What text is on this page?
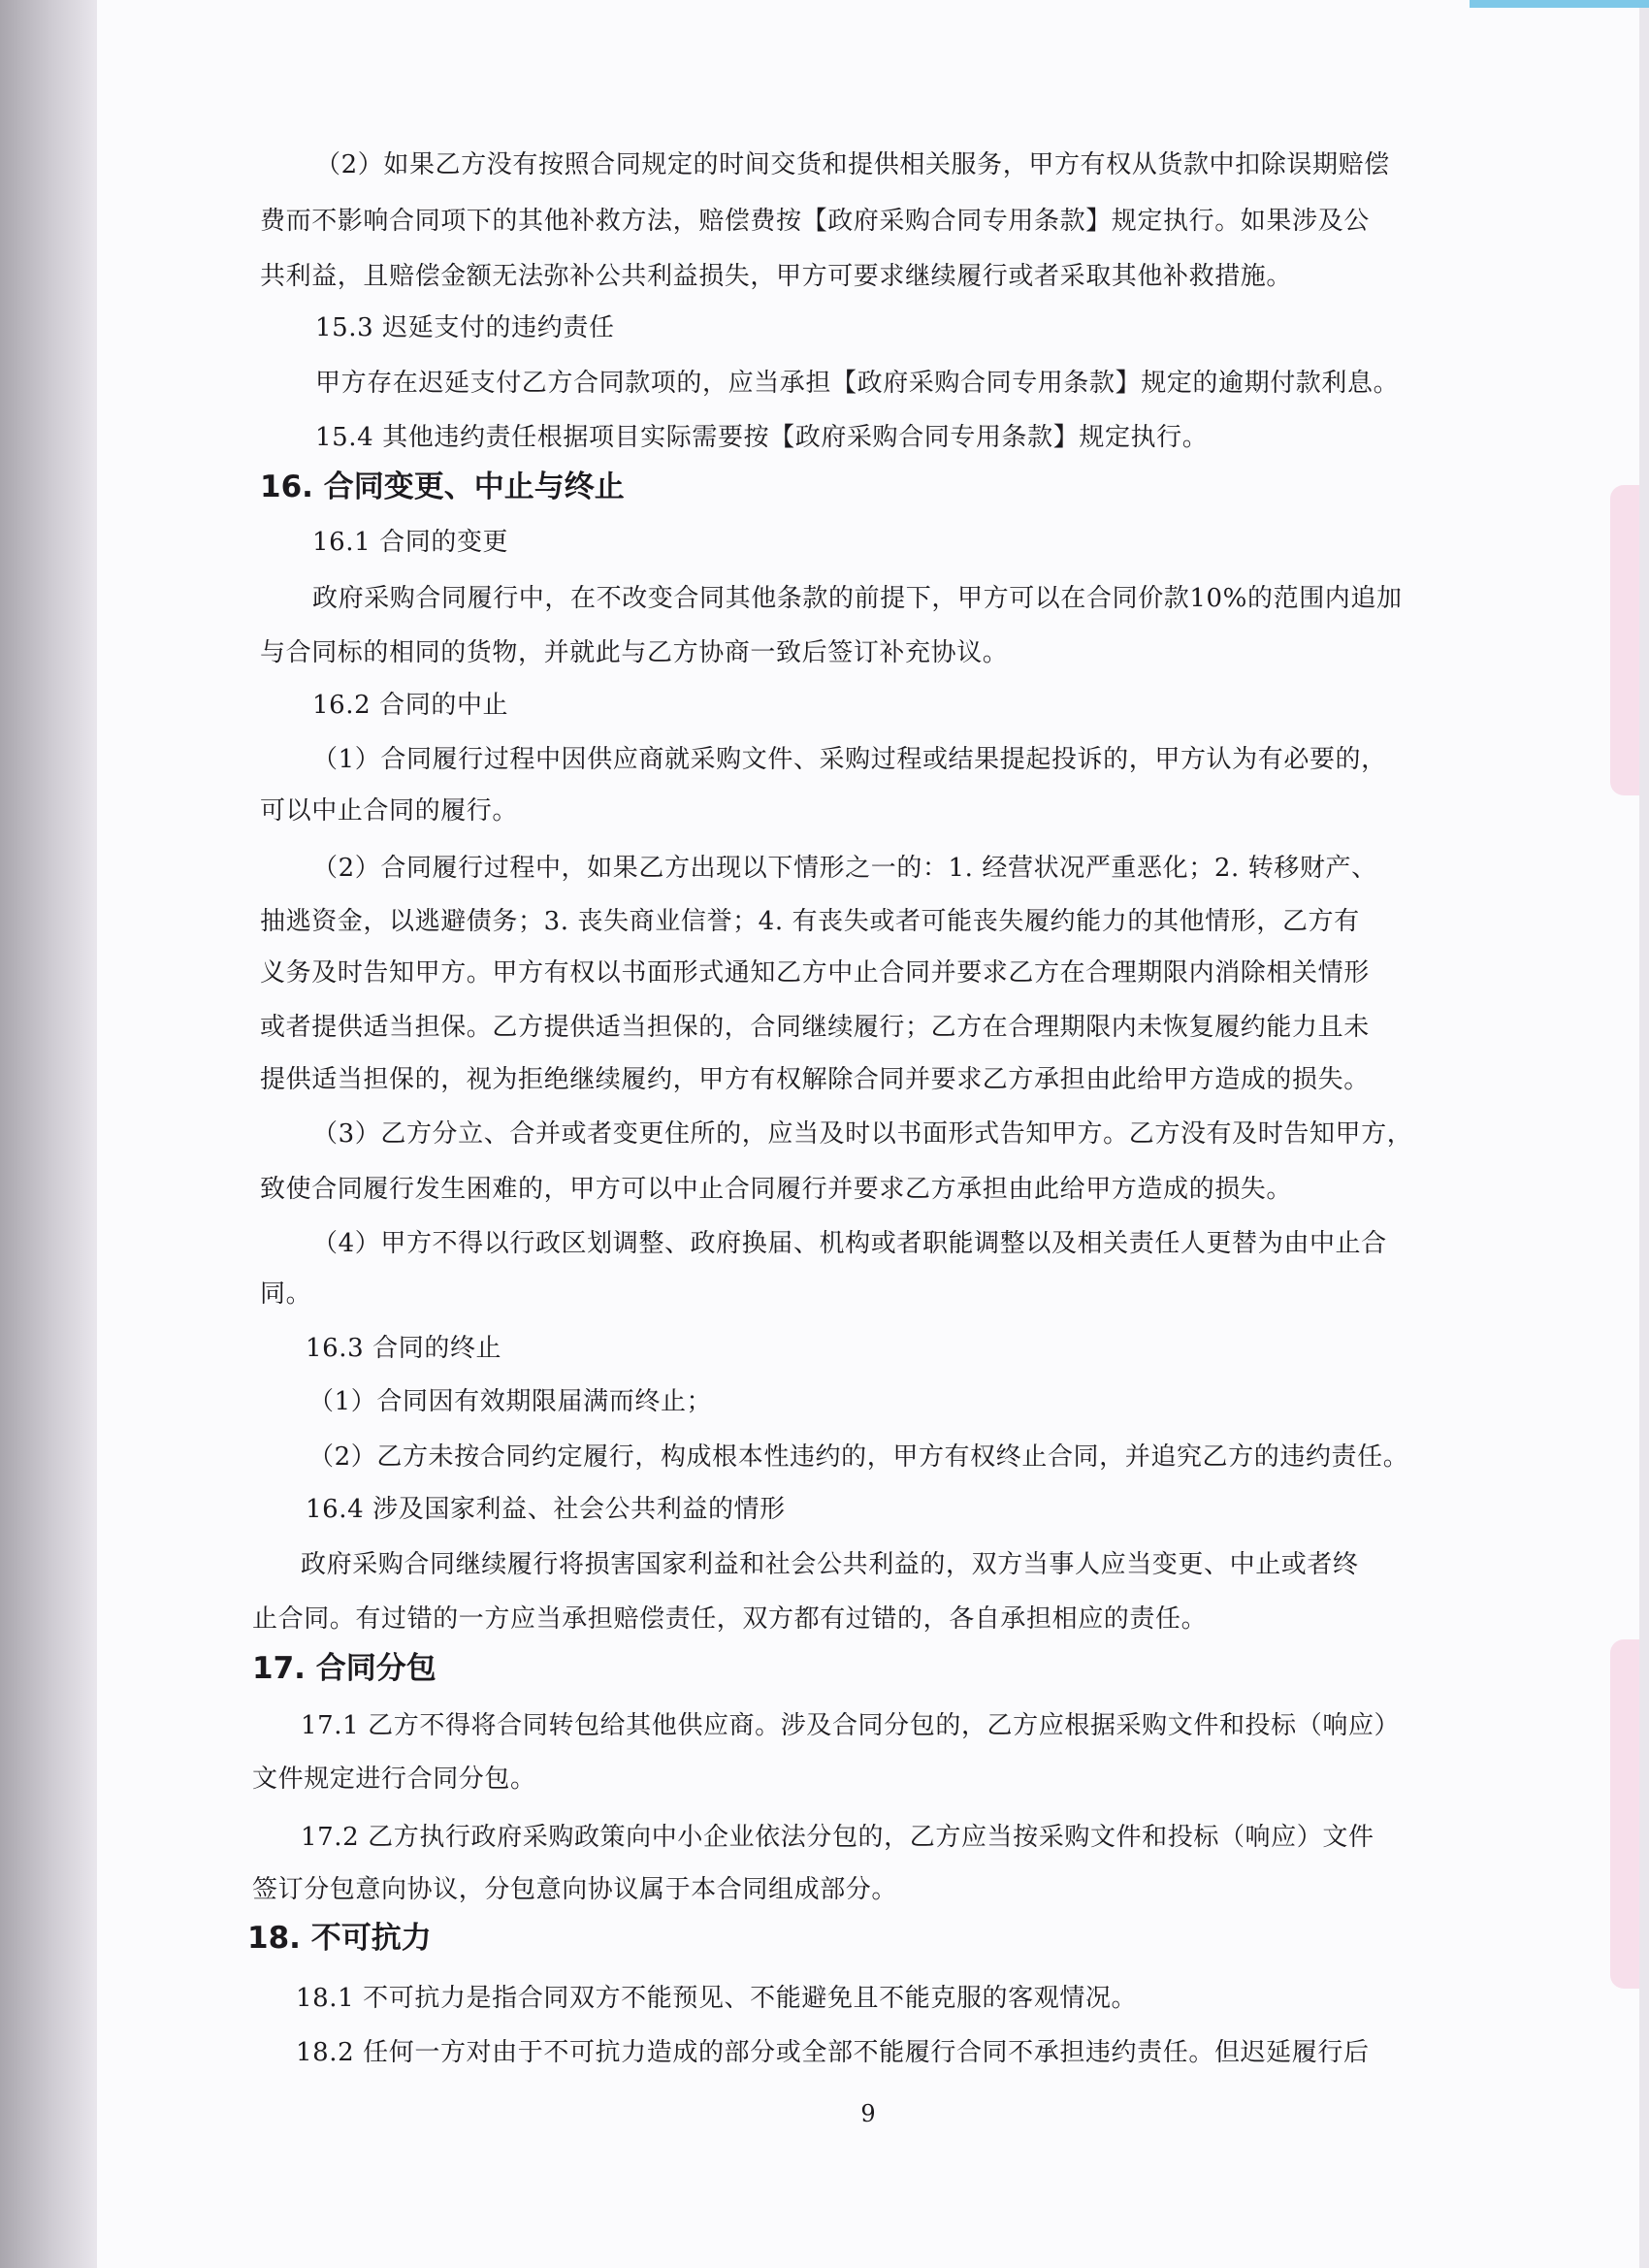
（2）如果乙方没有按照合同规定的时间交货和提供相关服务，甲方有权从货款中扣除误期赔偿
费而不影响合同项下的其他补救方法，赔偿费按【政府采购合同专用条款】规定执行。如果涉及公
共利益，且赔偿金额无法弥补公共利益损失，甲方可要求继续履行或者采取其他补救措施。
15.3 迟延支付的违约责任
甲方存在迟延支付乙方合同款项的，应当承担【政府采购合同专用条款】规定的逾期付款利息。
15.4 其他违约责任根据项目实际需要按【政府采购合同专用条款】规定执行。
16. 合同变更、中止与终止
16.1 合同的变更
政府采购合同履行中，在不改变合同其他条款的前提下，甲方可以在合同价款10%的范围内追加
与合同标的相同的货物，并就此与乙方协商一致后签订补充协议。
16.2 合同的中止
（1）合同履行过程中因供应商就采购文件、采购过程或结果提起投诉的，甲方认为有必要的，
可以中止合同的履行。
（2）合同履行过程中，如果乙方出现以下情形之一的：1. 经营状况严重恶化；2. 转移财产、
抽逃资金，以逃避债务；3. 丧失商业信誉；4. 有丧失或者可能丧失履约能力的其他情形，乙方有
义务及时告知甲方。甲方有权以书面形式通知乙方中止合同并要求乙方在合理期限内消除相关情形
或者提供适当担保。乙方提供适当担保的，合同继续履行；乙方在合理期限内未恢复履约能力且未
提供适当担保的，视为拒绝继续履约，甲方有权解除合同并要求乙方承担由此给甲方造成的损失。
（3）乙方分立、合并或者变更住所的，应当及时以书面形式告知甲方。乙方没有及时告知甲方，
致使合同履行发生困难的，甲方可以中止合同履行并要求乙方承担由此给甲方造成的损失。
（4）甲方不得以行政区划调整、政府换届、机构或者职能调整以及相关责任人更替为由中止合
同。
16.3 合同的终止
（1）合同因有效期限届满而终止；
（2）乙方未按合同约定履行，构成根本性违约的，甲方有权终止合同，并追究乙方的违约责任。
16.4 涉及国家利益、社会公共利益的情形
政府采购合同继续履行将损害国家利益和社会公共利益的，双方当事人应当变更、中止或者终
止合同。有过错的一方应当承担赔偿责任，双方都有过错的，各自承担相应的责任。
17. 合同分包
17.1 乙方不得将合同转包给其他供应商。涉及合同分包的，乙方应根据采购文件和投标（响应）
文件规定进行合同分包。
17.2 乙方执行政府采购政策向中小企业依法分包的，乙方应当按采购文件和投标（响应）文件
签订分包意向协议，分包意向协议属于本合同组成部分。
18. 不可抗力
18.1 不可抗力是指合同双方不能预见、不能避免且不能克服的客观情况。
18.2 任何一方对由于不可抗力造成的部分或全部不能履行合同不承担违约责任。但迟延履行后
9
